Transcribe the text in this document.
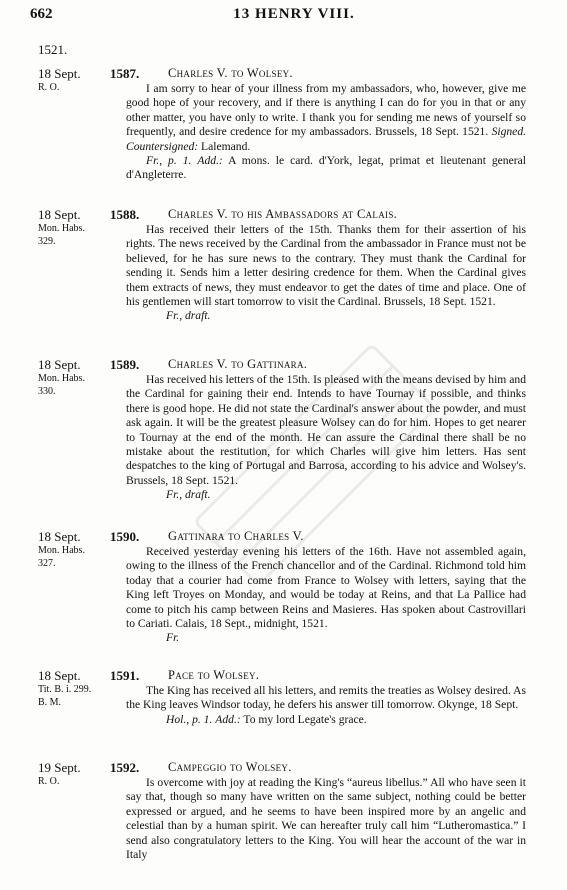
662	13 HENRY VIII.
1521.
18 Sept.
R. O.
1587. Charles V. to Wolsey.

I am sorry to hear of your illness from my ambassadors, who, however, give me good hope of your recovery, and if there is anything I can do for you in that or any other matter, you have only to write. I thank you for sending me news of yourself so frequently, and desire credence for my ambassadors. Brussels, 18 Sept. 1521. Signed. Countersigned: Lalemand.

Fr., p. 1. Add.: A mons. le card. d'York, legat, primat et lieutenant general d'Angleterre.

18 Sept.
Mon. Habs.
329.
1588. Charles V. to his Ambassadors at Calais.

Has received their letters of the 15th. Thanks them for their assertion of his rights. The news received by the Cardinal from the ambassador in France must not be believed, for he has sure news to the contrary. They must thank the Cardinal for sending it. Sends him a letter desiring credence for them. When the Cardinal gives them extracts of news, they must endeavor to get the dates of time and place. One of his gentlemen will start tomorrow to visit the Cardinal. Brussels, 18 Sept. 1521.

Fr., draft.

18 Sept.
Mon. Habs.
330.
1589. Charles V. to Gattinara.

Has received his letters of the 15th. Is pleased with the means devised by him and the Cardinal for gaining their end. Intends to have Tournay if possible, and thinks there is good hope. He did not state the Cardinal's answer about the powder, and must ask again. It will be the greatest pleasure Wolsey can do for him. Hopes to get nearer to Tournay at the end of the month. He can assure the Cardinal there shall be no mistake about the restitution, for which Charles will give him letters. Has sent despatches to the king of Portugal and Barrosa, according to his advice and Wolsey's. Brussels, 18 Sept. 1521.

Fr., draft.

18 Sept.
Mon. Habs.
327.
1590. Gattinara to Charles V.

Received yesterday evening his letters of the 16th. Have not assembled again, owing to the illness of the French chancellor and of the Cardinal. Richmond told him today that a courier had come from France to Wolsey with letters, saying that the King left Troyes on Monday, and would be today at Reins, and that La Pallice had come to pitch his camp between Reins and Masieres. Has spoken about Castrovillari to Cariati. Calais, 18 Sept., midnight, 1521.

Fr.

18 Sept.
Tit. B. i. 299.
B. M.
1591. Pace to Wolsey.

The King has received all his letters, and remits the treaties as Wolsey desired. As the King leaves Windsor today, he defers his answer till tomorrow. Okynge, 18 Sept.

Hol., p. 1. Add.: To my lord Legate's grace.

19 Sept.
R. O.
1592. Campeggio to Wolsey.

Is overcome with joy at reading the King's “aureus libellus.” All who have seen it say that, though so many have written on the same subject, nothing could be better expressed or argued, and he seems to have been inspired more by an angelic and celestial than by a human spirit. We can hereafter truly call him “Lutheromastica.” I send also congratulatory letters to the King. You will hear the account of the war in Italy
